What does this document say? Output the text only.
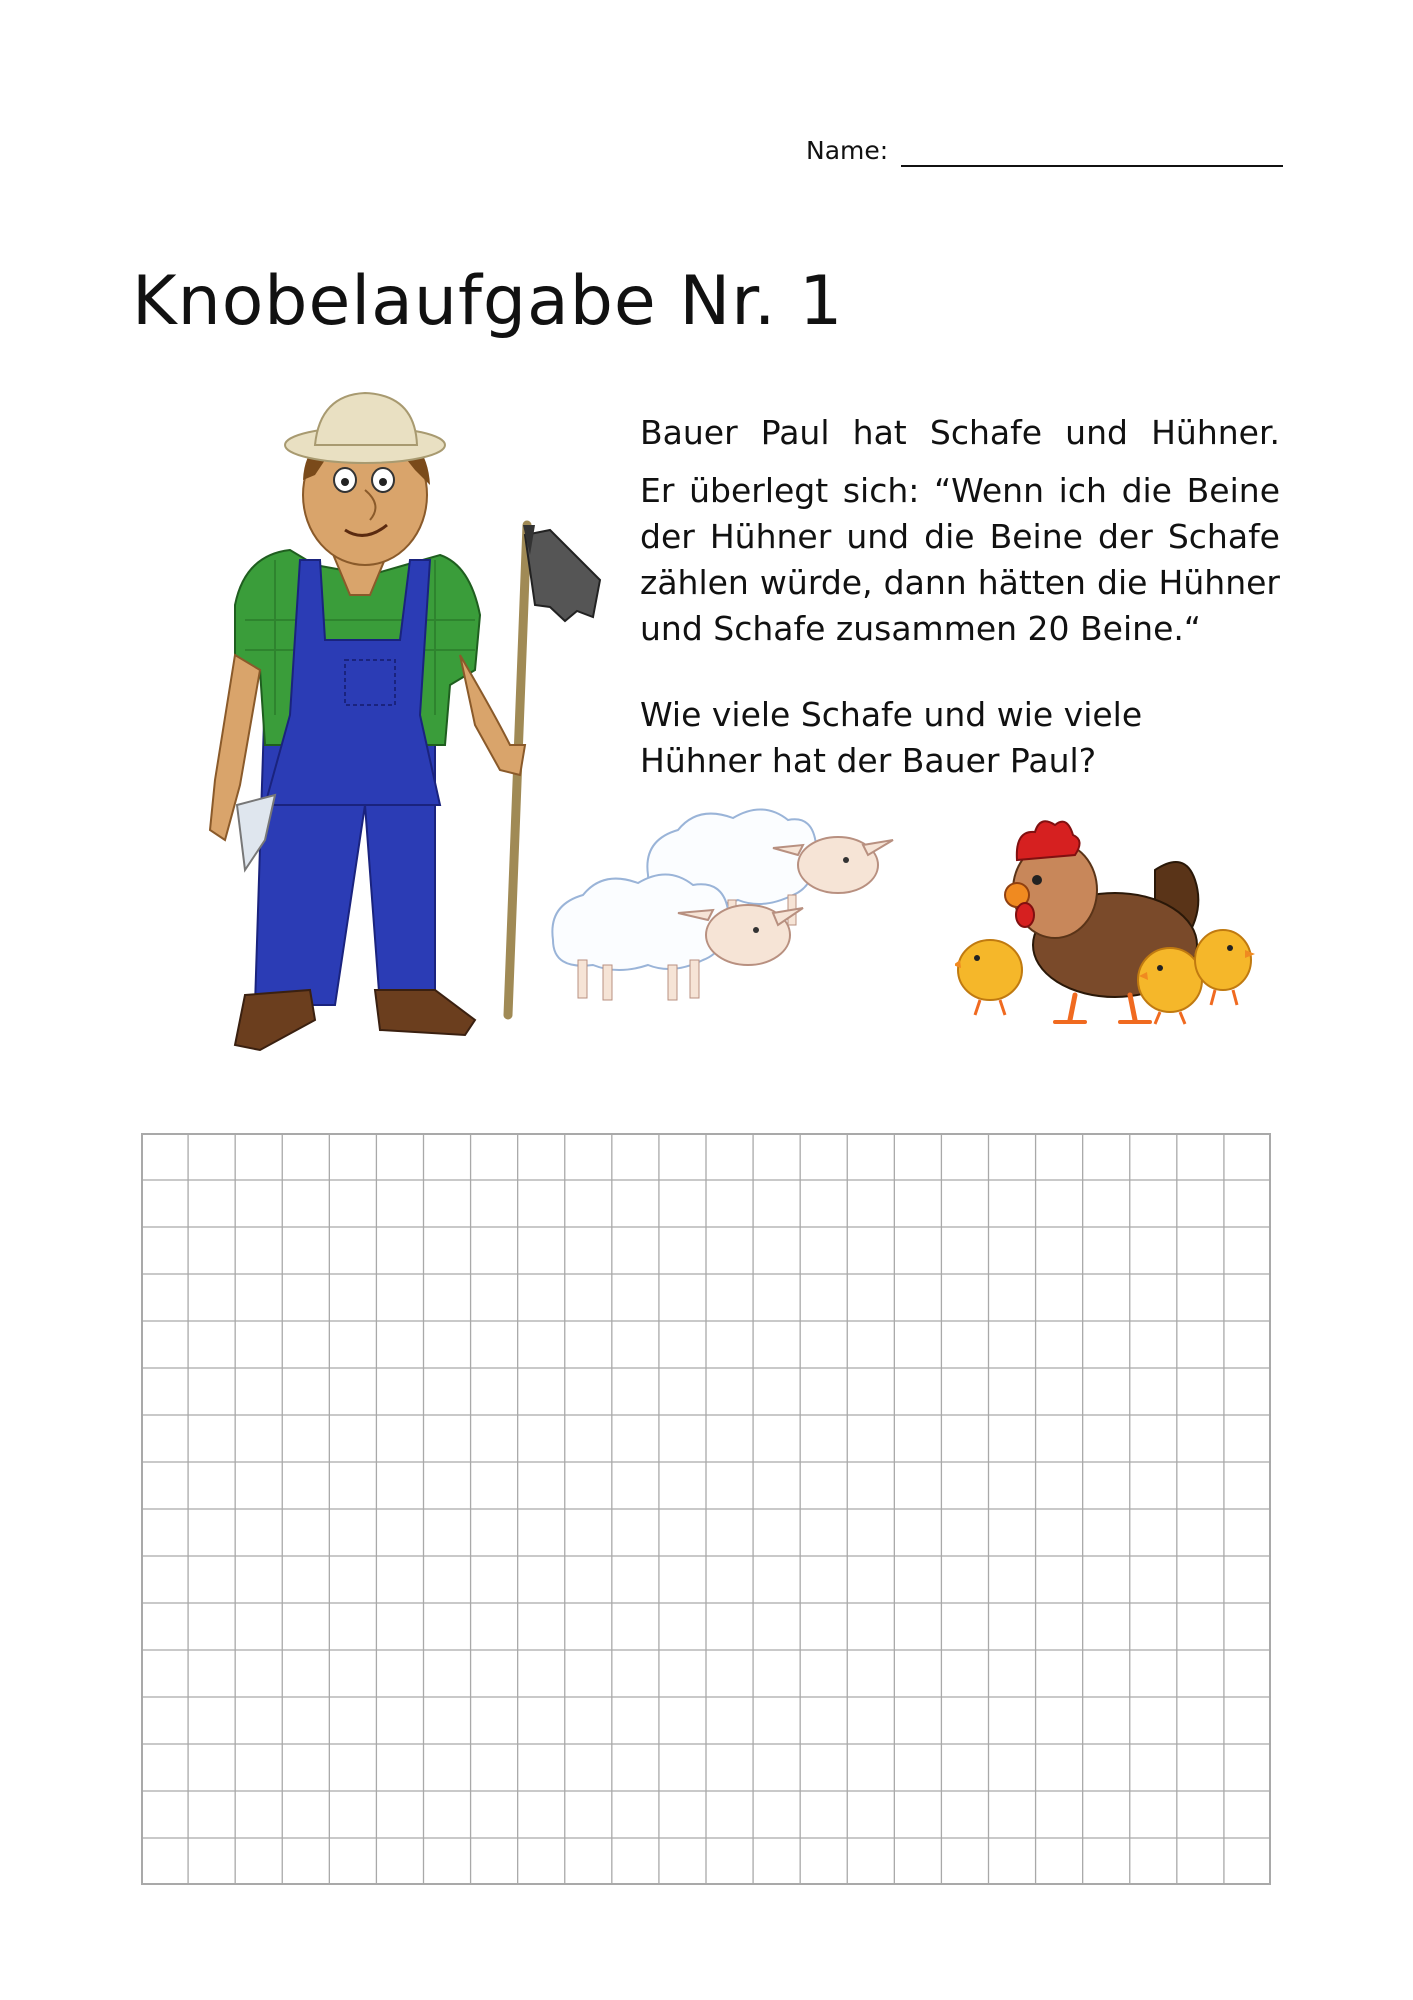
Name:
Knobelaufgabe Nr. 1

Bauer Paul hat Schafe und Hühner.

Er überlegt sich: “Wenn ich die Beine

der Hühner und die Beine der Schafe

zählen würde, dann hätten die Hühner

und Schafe zusammen 20 Beine.“

Wie viele Schafe und wie viele

Hühner hat der Bauer Paul?
